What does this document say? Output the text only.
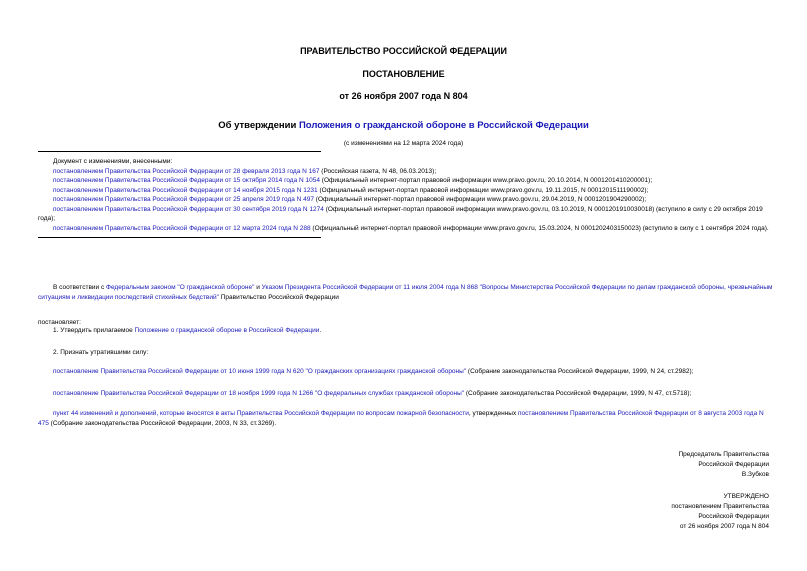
ПРАВИТЕЛЬСТВО РОССИЙСКОЙ ФЕДЕРАЦИИ
ПОСТАНОВЛЕНИЕ
от 26 ноября 2007 года N 804
Об утверждении Положения о гражданской обороне в Российской Федерации
(с изменениями на 12 марта 2024 года)
Документ с изменениями, внесенными:
постановлением Правительства Российской Федерации от 28 февраля 2013 года N 167 (Российская газета, N 48, 06.03.2013);
постановлением Правительства Российской Федерации от 15 октября 2014 года N 1054 (Официальный интернет-портал правовой информации www.pravo.gov.ru, 20.10.2014, N 0001201410200001);
постановлением Правительства Российской Федерации от 14 ноября 2015 года N 1231 (Официальный интернет-портал правовой информации www.pravo.gov.ru, 19.11.2015, N 0001201511190002);
постановлением Правительства Российской Федерации от 25 апреля 2019 года N 497 (Официальный интернет-портал правовой информации www.pravo.gov.ru, 29.04.2019, N 0001201904290002);
постановлением Правительства Российской Федерации от 30 сентября 2019 года N 1274 (Официальный интернет-портал правовой информации www.pravo.gov.ru, 03.10.2019, N 0001201910030018) (вступило в силу с 29 октября 2019 года);
постановлением Правительства Российской Федерации от 12 марта 2024 года N 288 (Официальный интернет-портал правовой информации www.pravo.gov.ru, 15.03.2024, N 0001202403150023) (вступило в силу с 1 сентября 2024 года).
В соответствии с Федеральным законом "О гражданской обороне" и Указом Президента Российской Федерации от 11 июля 2004 года N 868 "Вопросы Министерства Российской Федерации по делам гражданской обороны, чрезвычайным ситуациям и ликвидации последствий стихийных бедствий" Правительство Российской Федерации
постановляет:
1. Утвердить прилагаемое Положение о гражданской обороне в Российской Федерации.
2. Признать утратившими силу:
постановление Правительства Российской Федерации от 10 июня 1999 года N 620 "О гражданских организациях гражданской обороны" (Собрание законодательства Российской Федерации, 1999, N 24, ст.2982);
постановление Правительства Российской Федерации от 18 ноября 1999 года N 1266 "О федеральных службах гражданской обороны" (Собрание законодательства Российской Федерации, 1999, N 47, ст.5718);
пункт 44 изменений и дополнений, которые вносятся в акты Правительства Российской Федерации по вопросам пожарной безопасности, утвержденных постановлением Правительства Российской Федерации от 8 августа 2003 года N 475 (Собрание законодательства Российской Федерации, 2003, N 33, ст.3269).
Председатель Правительства
Российской Федерации
В.Зубков
УТВЕРЖДЕНО
постановлением Правительства
Российской Федерации
от 26 ноября 2007 года N 804
